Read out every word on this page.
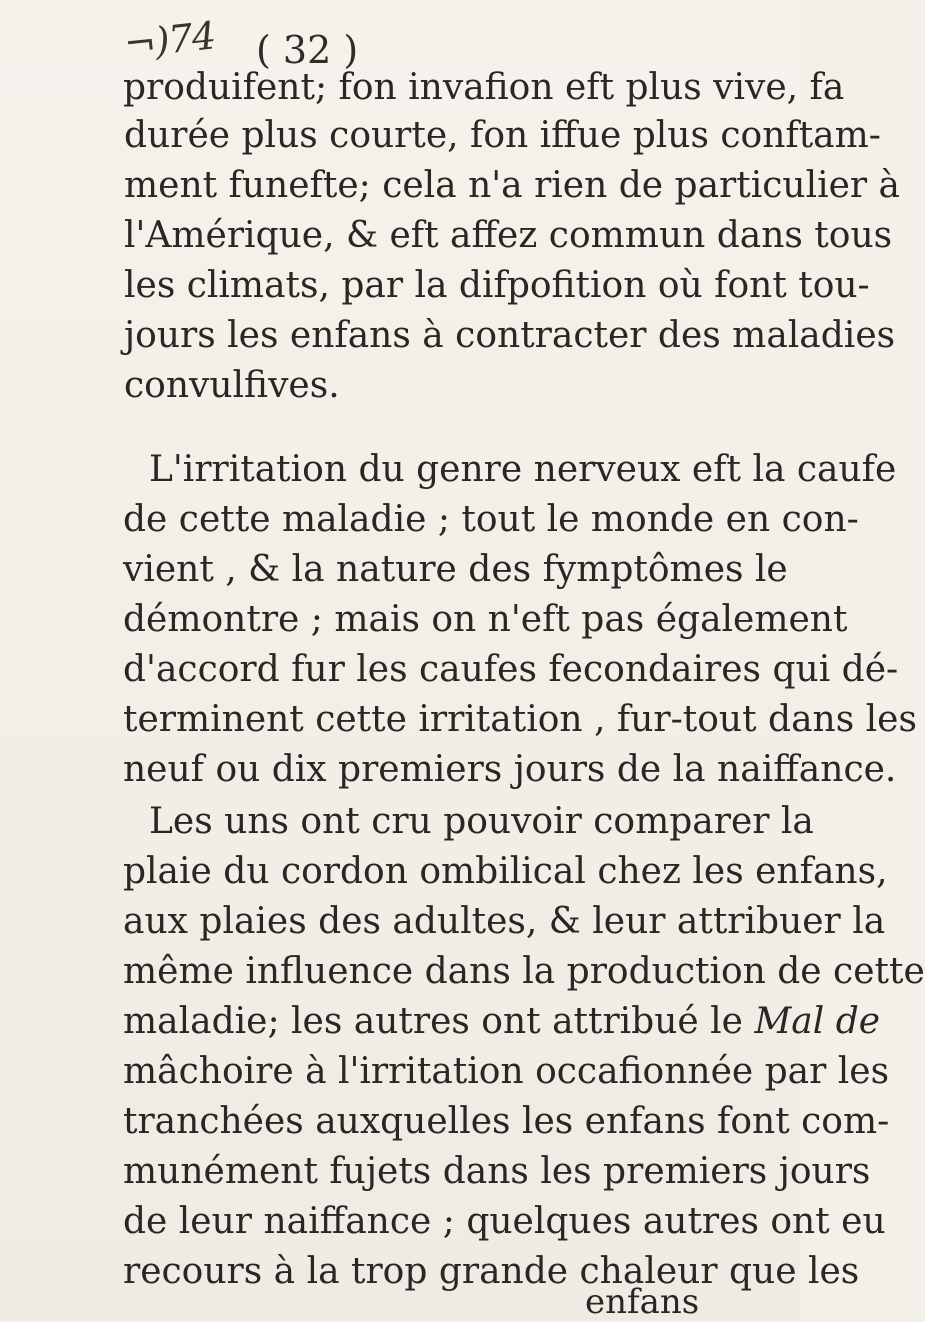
¬)74 ( 32 )
produifent; fon invafion eft plus vive, fa
durée plus courte, fon iffue plus conftam-
ment funefte; cela n'a rien de particulier à
l'Amérique, & eft affez commun dans tous
les climats, par la difpofition où font tou-
jours les enfans à contracter des maladies
convulfives.
L'irritation du genre nerveux eft la caufe
de cette maladie ; tout le monde en con-
vient , & la nature des fymptômes le
démontre ; mais on n'eft pas également
d'accord fur les caufes fecondaires qui dé-
terminent cette irritation , fur-tout dans les
neuf ou dix premiers jours de la naiffance.
Les uns ont cru pouvoir comparer la
plaie du cordon ombilical chez les enfans,
aux plaies des adultes, & leur attribuer la
même influence dans la production de cette
maladie; les autres ont attribué le Mal de
mâchoire à l'irritation occafionnée par les
tranchées auxquelles les enfans font com-
munément fujets dans les premiers jours
de leur naiffance ; quelques autres ont eu
recours à la trop grande chaleur que les
enfans
